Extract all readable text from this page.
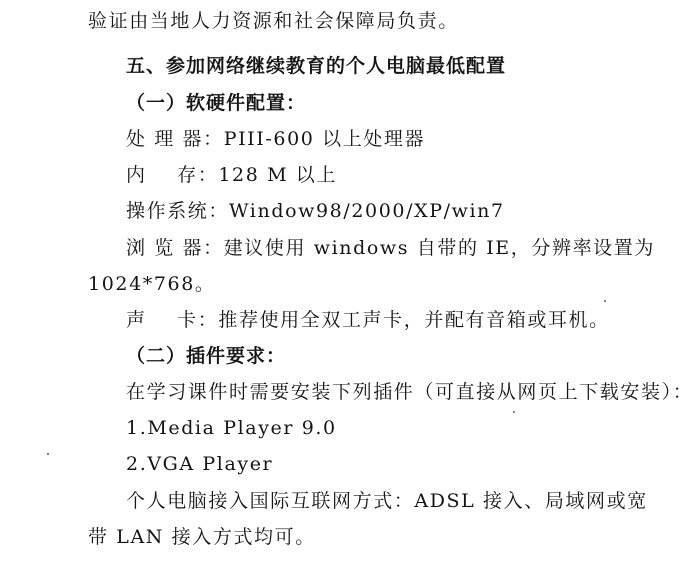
验证由当地人力资源和社会保障局负责。
五、参加网络继续教育的个人电脑最低配置
（一）软硬件配置：
处 理 器：PIII-600 以上处理器
内    存：128 M 以上
操作系统：Window98/2000/XP/win7
浏 览 器：建议使用 windows 自带的 IE，分辨率设置为
1024*768。
声    卡：推荐使用全双工声卡，并配有音箱或耳机。
（二）插件要求：
在学习课件时需要安装下列插件（可直接从网页上下载安装）：
1.Media Player 9.0
2.VGA Player
个人电脑接入国际互联网方式：ADSL 接入、局域网或宽
带 LAN 接入方式均可。
